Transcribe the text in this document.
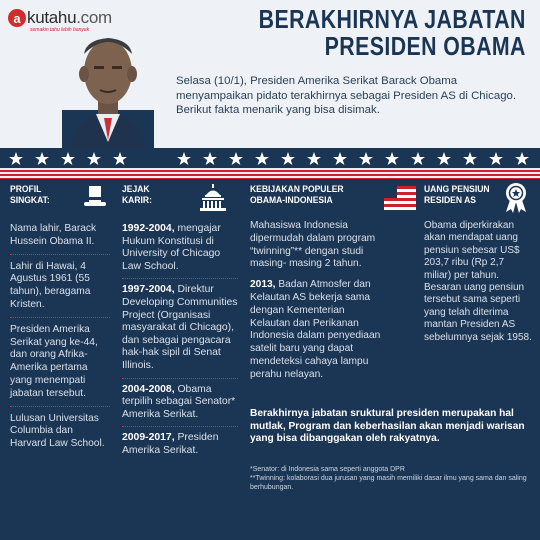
a kutahu.com
semakin tahu lebih banyak	BERAKHIRNYA JABATAN
PRESIDEN OBAMA
Selasa (10/1), Presiden Amerika Serikat Barack Obama menyampaikan pidato terakhirnya sebagai Presiden AS di Chicago. Berikut fakta menarik yang bisa disimak.
PROFIL
SINGKAT:
Nama lahir, Barack Hussein Obama II.
Lahir di Hawai, 4 Agustus 1961 (55 tahun), beragama Kristen.
Presiden Amerika Serikat yang ke-44, dan orang Afrika-Amerika pertama yang menempati jabatan tersebut.
Lulusan Universitas Columbia dan Harvard Law School.
JEJAK
KARIR:
1992-2004, mengajar Hukum Konstitusi di University of Chicago Law School.
1997-2004, Direktur Developing Communities Project (Organisasi masyarakat di Chicago), dan sebagai pengacara hak-hak sipil di Senat Illinois.
2004-2008, Obama terpilih sebagai Senator* Amerika Serikat.
2009-2017, Presiden Amerika Serikat.
KEBIJAKAN POPULER
OBAMA-INDONESIA
Mahasiswa Indonesia dipermudah dalam program “twinning”** dengan studi masing- masing 2 tahun.
2013, Badan Atmosfer dan Kelautan AS bekerja sama dengan Kementerian Kelautan dan Perikanan Indonesia dalam penyediaan satelit baru yang dapat mendeteksi cahaya lampu perahu nelayan.
UANG PENSIUN
RESIDEN AS
Obama diperkirakan akan mendapat uang pensiun sebesar US$ 203,7 ribu (Rp 2,7 miliar) per tahun. Besaran uang pensiun tersebut sama seperti yang telah diterima mantan Presiden AS sebelumnya sejak 1958.
Berakhirnya jabatan sruktural presiden merupakan hal mutlak, Program dan keberhasilan akan menjadi warisan yang bisa dibanggakan oleh rakyatnya.
*Senator: di Indonesia sama seperti anggota DPR
**Twinning: kolaborasi dua jurusan yang masih memiliki dasar ilmu yang sama dan saling berhubungan.
